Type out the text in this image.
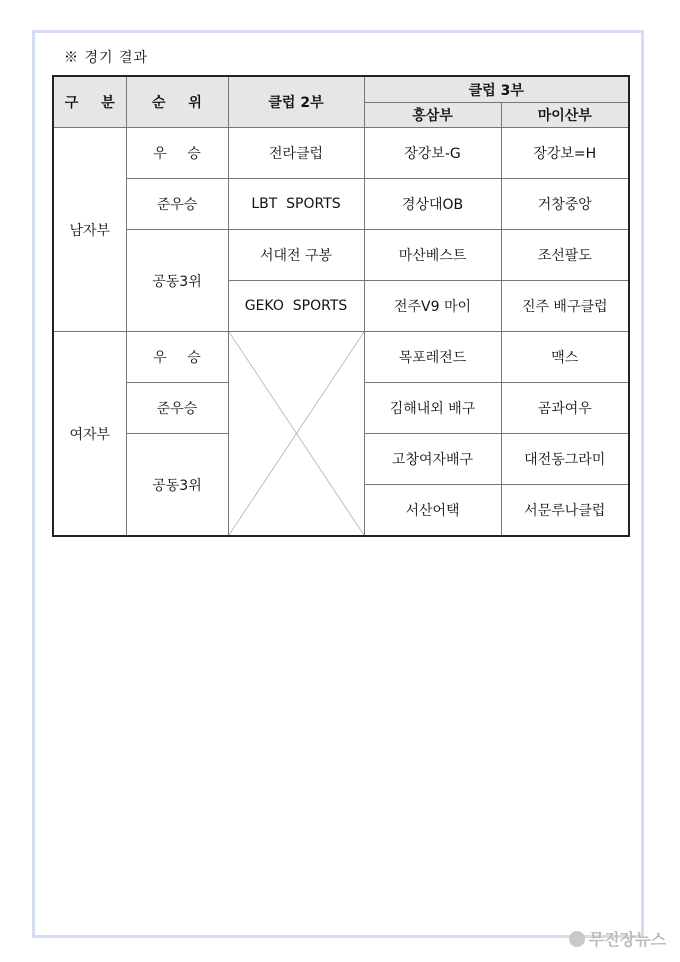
※ 경기 결과
구 분	순 위	클럽 2부	클럽 3부	
			홍삼부	마이산부
남자부	우 승	전라클럽	장강보-G	장강보=H
	준우승	LBT  SPORTS	경상대OB	거창중앙
	공동3위	서대전 구봉	마산베스트	조선팔도
		GEKO  SPORTS	전주V9 마이	진주 배구클럽
여자부	우 승		목포레전드	맥스
	준우승		김해내외 배구	곰과여우
	공동3위		고창여자배구	대전동그라미
			서산어택	서문루나클럽
무진장뉴스
